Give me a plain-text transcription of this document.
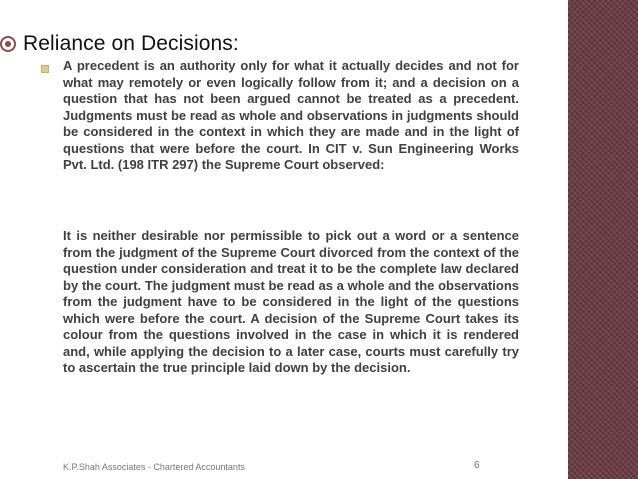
Reliance on Decisions:
A precedent is an authority only for what it actually decides and not for what may remotely or even logically follow from it; and a decision on a question that has not been argued cannot be treated as a precedent. Judgments must be read as whole and observations in judgments should be considered in the context in which they are made and in the light of questions that were before the court. In CIT v. Sun Engineering Works Pvt. Ltd. (198 ITR 297) the Supreme Court observed:
It is neither desirable nor permissible to pick out a word or a sentence from the judgment of the Supreme Court divorced from the context of the question under consideration and treat it to be the complete law declared by the court. The judgment must be read as a whole and the observations from the judgment have to be considered in the light of the questions which were before the court. A decision of the Supreme Court takes its colour from the questions involved in the case in which it is rendered and, while applying the decision to a later case, courts must carefully try to ascertain the true principle laid down by the decision.
K.P.Shah Associates - Chartered Accountants	6
